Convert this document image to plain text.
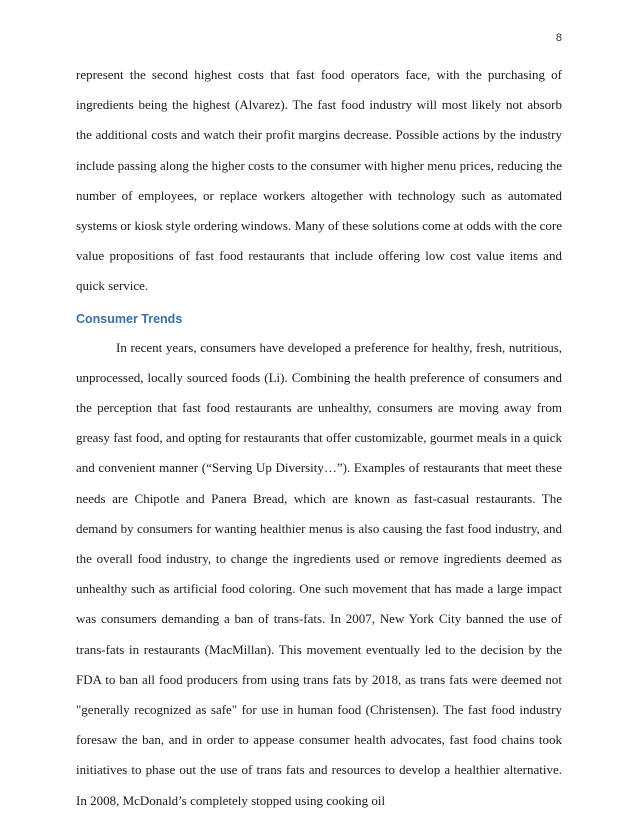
8

represent the second highest costs that fast food operators face, with the purchasing of ingredients being the highest (Alvarez). The fast food industry will most likely not absorb the additional costs and watch their profit margins decrease. Possible actions by the industry include passing along the higher costs to the consumer with higher menu prices, reducing the number of employees, or replace workers altogether with technology such as automated systems or kiosk style ordering windows. Many of these solutions come at odds with the core value propositions of fast food restaurants that include offering low cost value items and quick service.

Consumer Trends

In recent years, consumers have developed a preference for healthy, fresh, nutritious, unprocessed, locally sourced foods (Li). Combining the health preference of consumers and the perception that fast food restaurants are unhealthy, consumers are moving away from greasy fast food, and opting for restaurants that offer customizable, gourmet meals in a quick and convenient manner (“Serving Up Diversity…”). Examples of restaurants that meet these needs are Chipotle and Panera Bread, which are known as fast-casual restaurants. The demand by consumers for wanting healthier menus is also causing the fast food industry, and the overall food industry, to change the ingredients used or remove ingredients deemed as unhealthy such as artificial food coloring. One such movement that has made a large impact was consumers demanding a ban of trans-fats. In 2007, New York City banned the use of trans-fats in restaurants (MacMillan). This movement eventually led to the decision by the FDA to ban all food producers from using trans fats by 2018, as trans fats were deemed not "generally recognized as safe" for use in human food (Christensen). The fast food industry foresaw the ban, and in order to appease consumer health advocates, fast food chains took initiatives to phase out the use of trans fats and resources to develop a healthier alternative. In 2008, McDonald’s completely stopped using cooking oil
